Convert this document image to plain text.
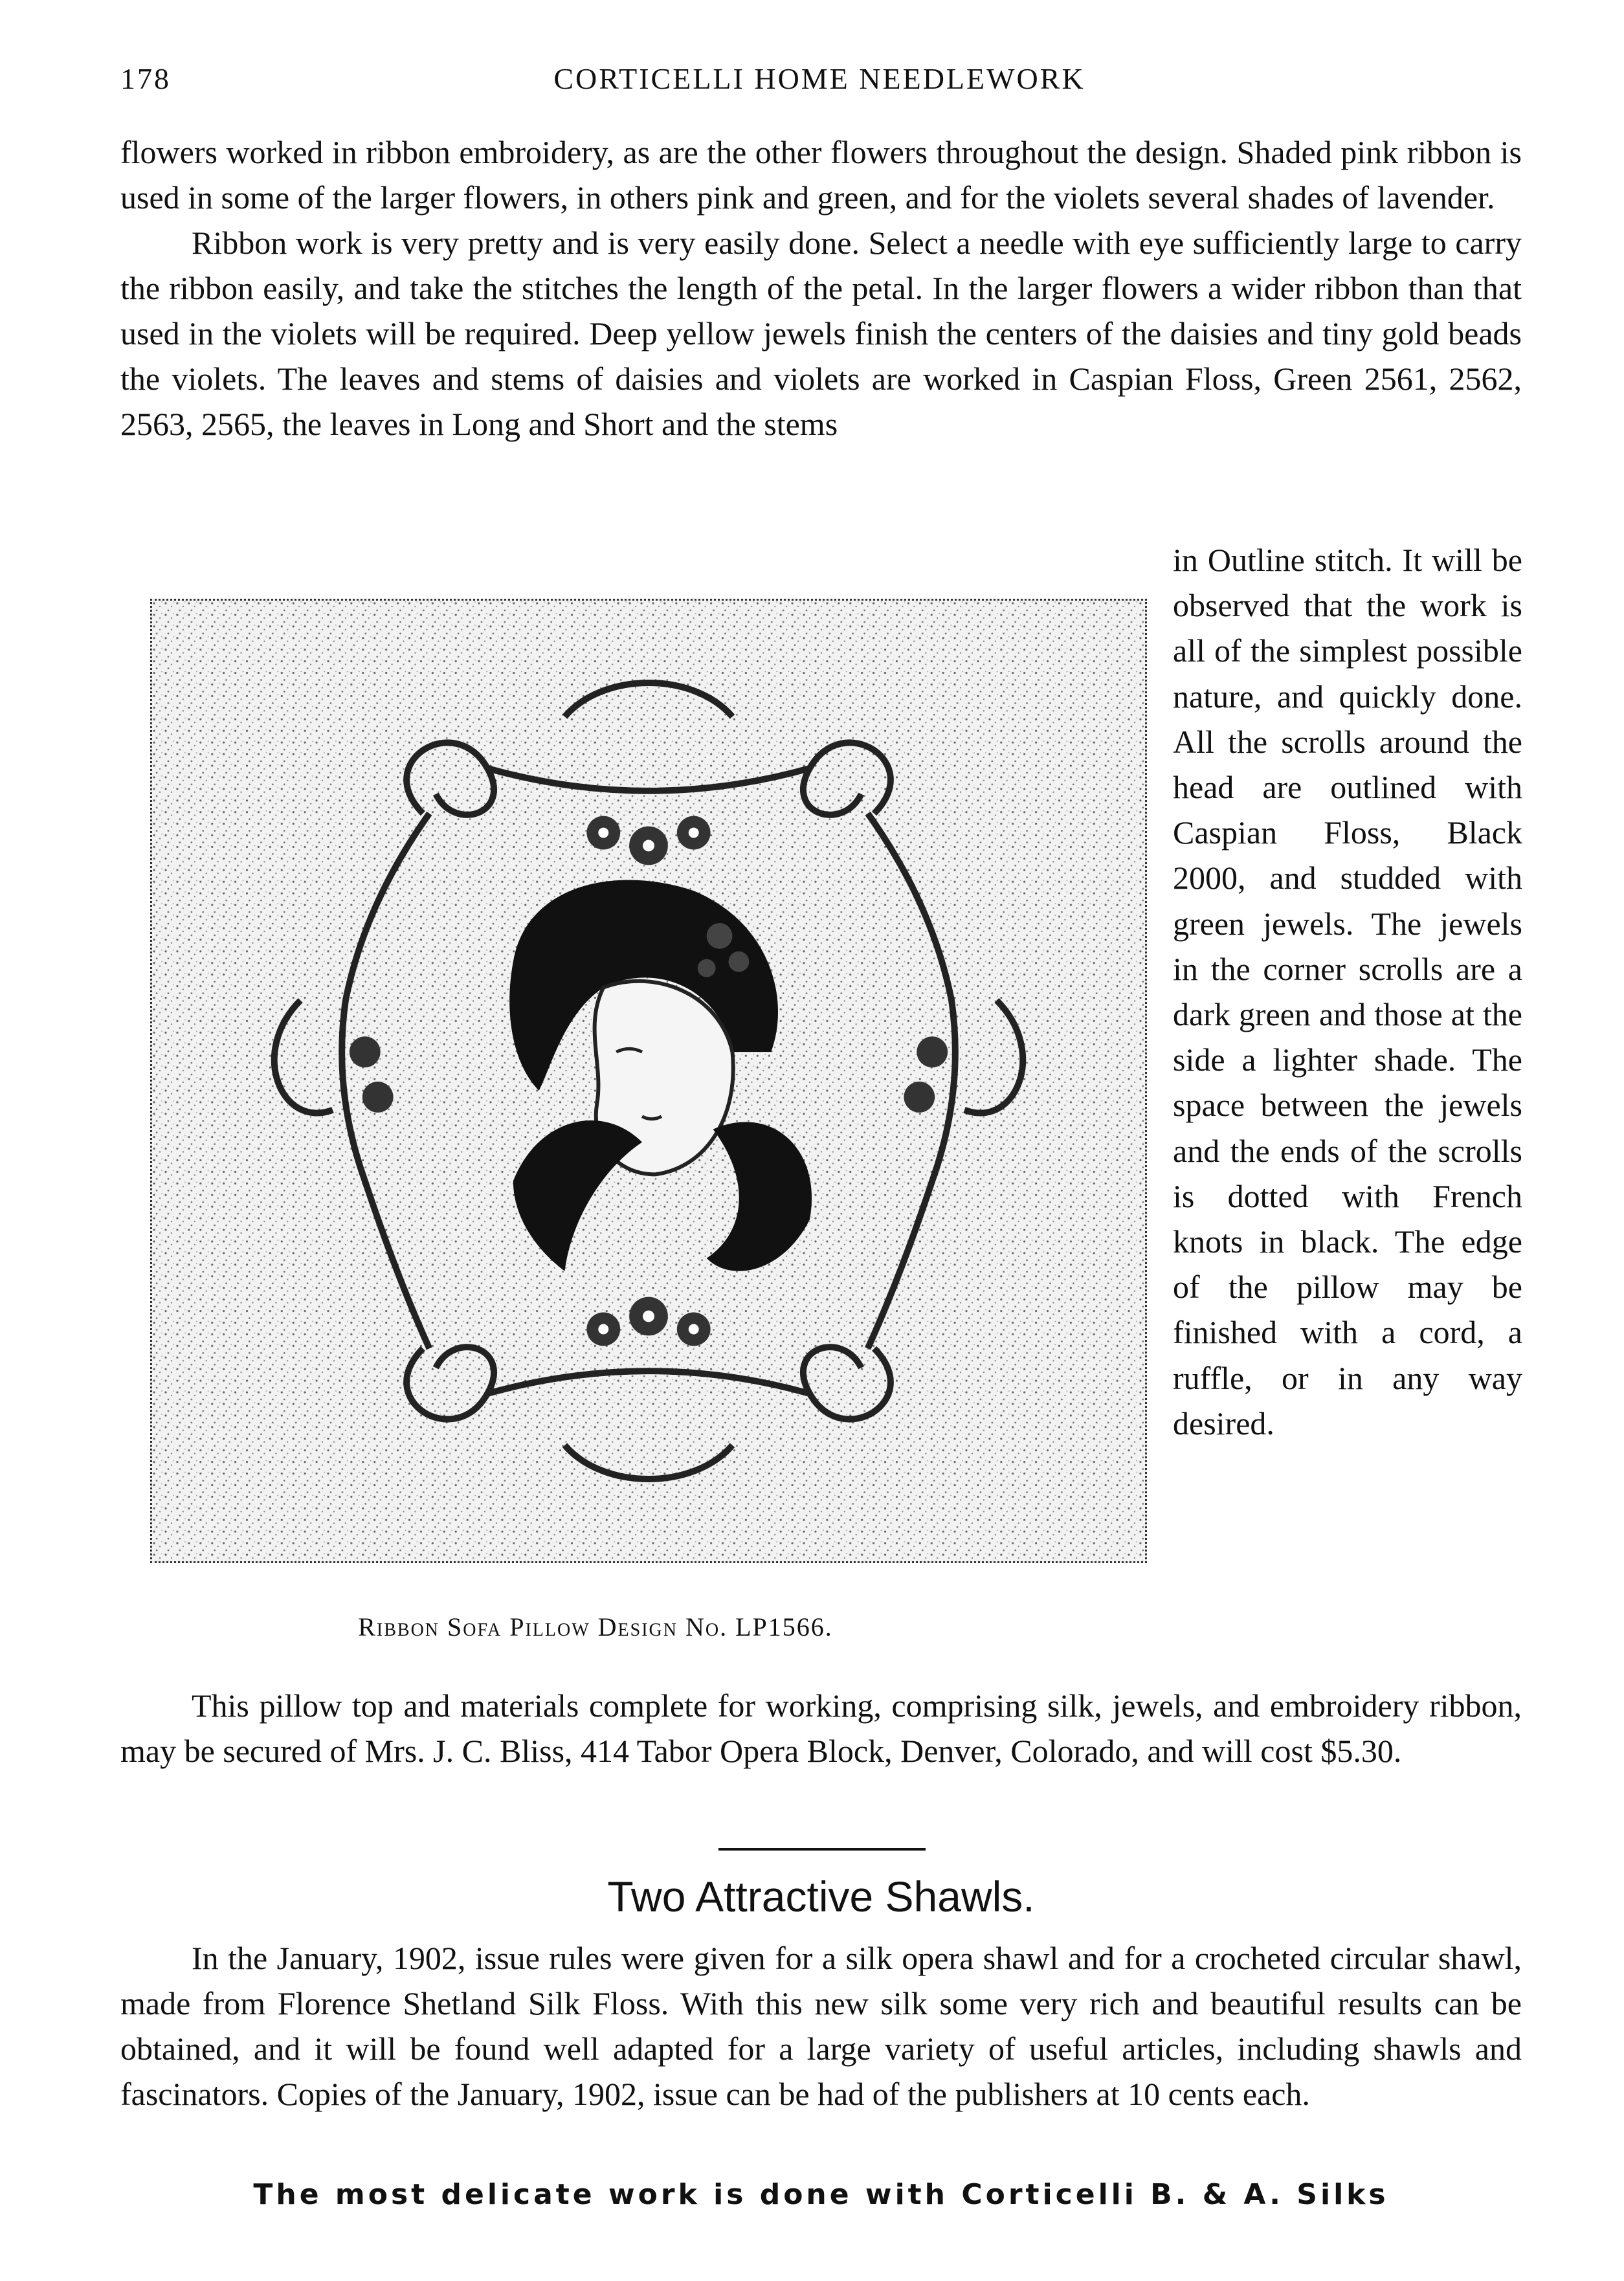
178	CORTICELLI HOME NEEDLEWORK

flowers worked in ribbon embroidery, as are the other flowers throughout the design. Shaded pink ribbon is used in some of the larger flowers, in others pink and green, and for the violets several shades of lavender.

Ribbon work is very pretty and is very easily done. Select a needle with eye sufficiently large to carry the ribbon easily, and take the stitches the length of the petal. In the larger flowers a wider ribbon than that used in the violets will be required. Deep yellow jewels finish the centers of the daisies and tiny gold beads the violets. The leaves and stems of daisies and violets are worked in Caspian Floss, Green 2561, 2562, 2563, 2565, the leaves in Long and Short and the stems

Ribbon Sofa Pillow Design No. LP1566.

in Outline stitch. It will be observed that the work is all of the simplest possible nature, and quickly done. All the scrolls around the head are outlined with Caspian Floss, Black 2000, and studded with green jewels. The jewels in the corner scrolls are a dark green and those at the side a lighter shade. The space between the jewels and the ends of the scrolls is dotted with French knots in black. The edge of the pillow may be finished with a cord, a ruffle, or in any way desired.

This pillow top and materials complete for working, comprising silk, jewels, and embroidery ribbon, may be secured of Mrs. J. C. Bliss, 414 Tabor Opera Block, Denver, Colorado, and will cost $5.30.

Two Attractive Shawls.

In the January, 1902, issue rules were given for a silk opera shawl and for a crocheted circular shawl, made from Florence Shetland Silk Floss. With this new silk some very rich and beautiful results can be obtained, and it will be found well adapted for a large variety of useful articles, including shawls and fascinators. Copies of the January, 1902, issue can be had of the publishers at 10 cents each.

The most delicate work is done with Corticelli B. & A. Silks
